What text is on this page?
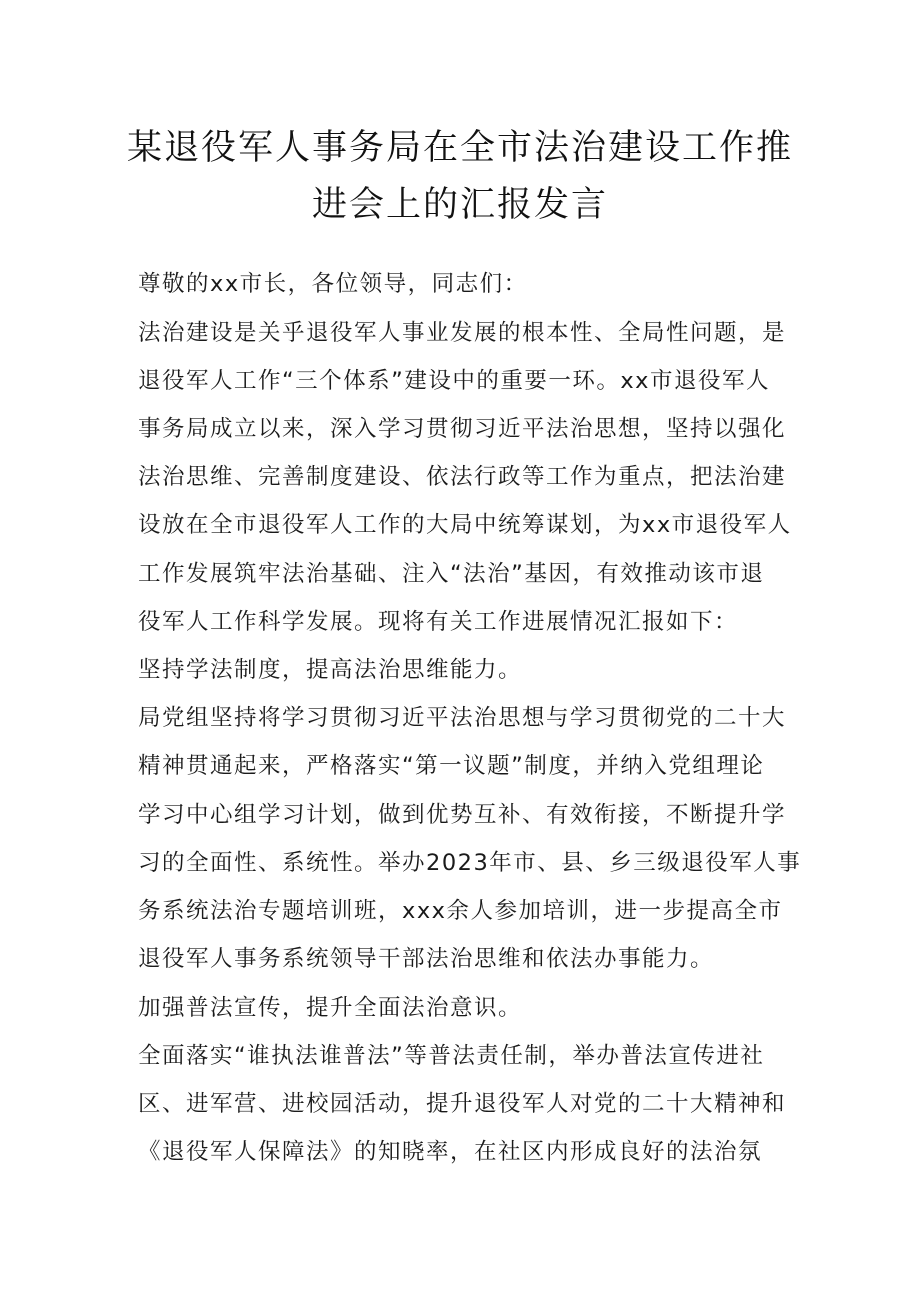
某退役军人事务局在全市法治建设工作推
进会上的汇报发言
尊敬的xx市长，各位领导，同志们：
法治建设是关乎退役军人事业发展的根本性、全局性问题，是
退役军人工作“三个体系”建设中的重要一环。xx市退役军人
事务局成立以来，深入学习贯彻习近平法治思想，坚持以强化
法治思维、完善制度建设、依法行政等工作为重点，把法治建
设放在全市退役军人工作的大局中统筹谋划，为xx市退役军人
工作发展筑牢法治基础、注入“法治”基因，有效推动该市退
役军人工作科学发展。现将有关工作进展情况汇报如下：
坚持学法制度，提高法治思维能力。
局党组坚持将学习贯彻习近平法治思想与学习贯彻党的二十大
精神贯通起来，严格落实“第一议题”制度，并纳入党组理论
学习中心组学习计划，做到优势互补、有效衔接，不断提升学
习的全面性、系统性。举办2023年市、县、乡三级退役军人事
务系统法治专题培训班，xxx余人参加培训，进一步提高全市
退役军人事务系统领导干部法治思维和依法办事能力。
加强普法宣传，提升全面法治意识。
全面落实“谁执法谁普法”等普法责任制，举办普法宣传进社
区、进军营、进校园活动，提升退役军人对党的二十大精神和
《退役军人保障法》的知晓率，在社区内形成良好的法治氛
